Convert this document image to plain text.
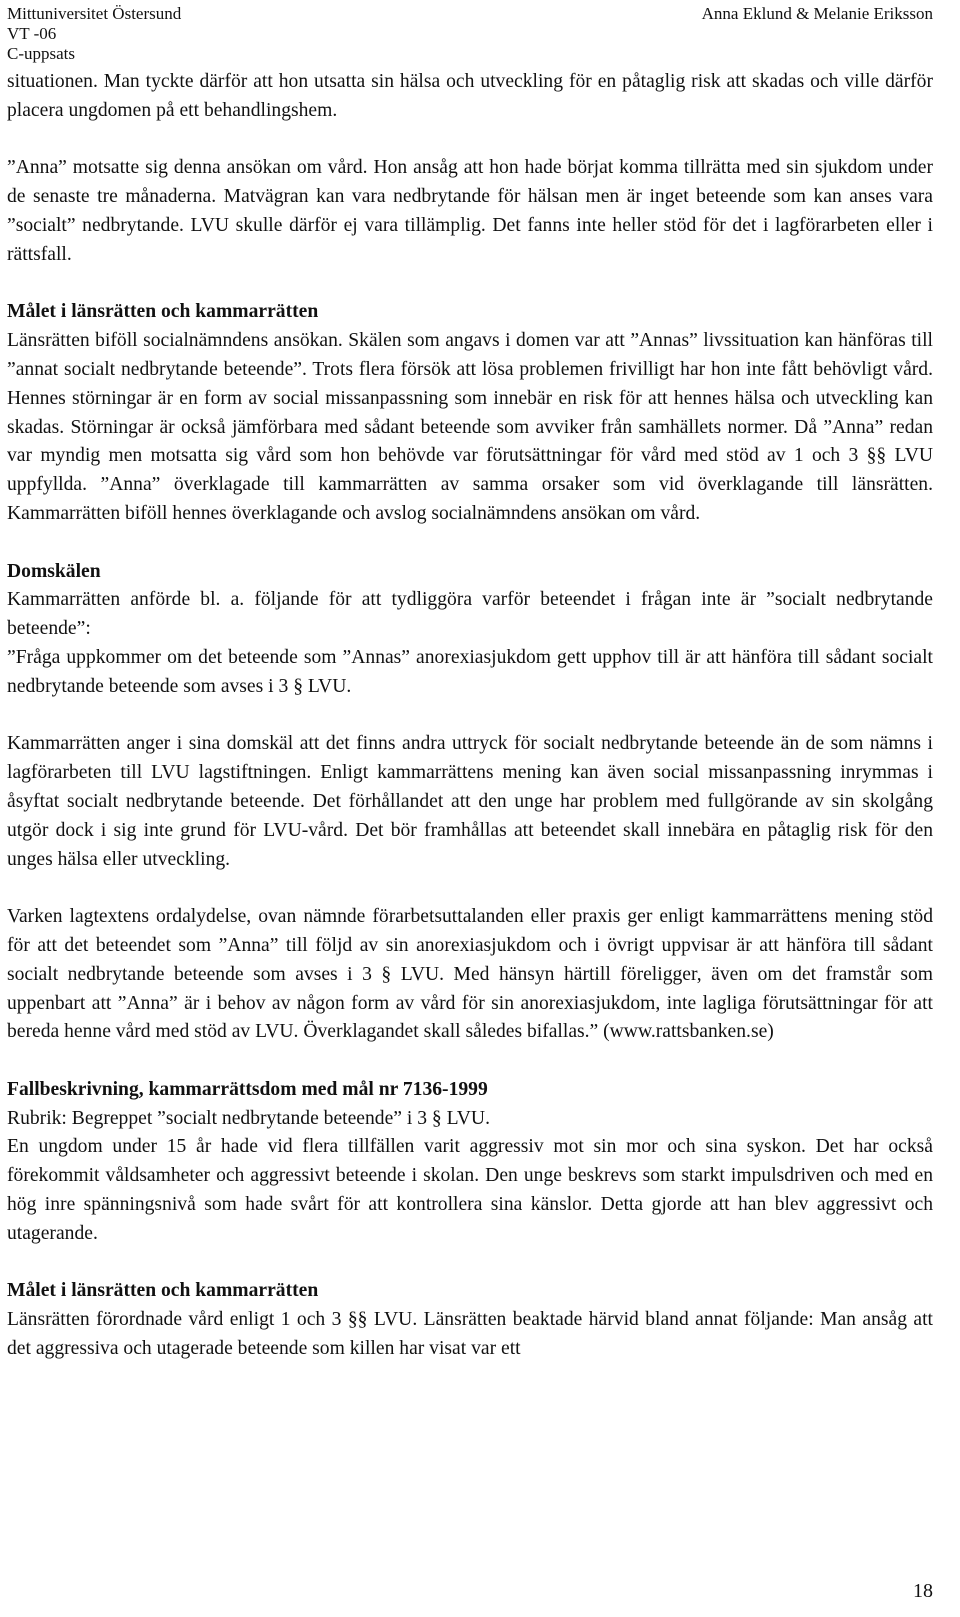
Mittuniversitet Östersund
VT -06
C-uppsats
Anna Eklund & Melanie Eriksson

situationen. Man tyckte därför att hon utsatta sin hälsa och utveckling för en påtaglig risk att skadas och ville därför placera ungdomen på ett behandlingshem.

”Anna” motsatte sig denna ansökan om vård. Hon ansåg att hon hade börjat komma tillrätta med sin sjukdom under de senaste tre månaderna. Matvägran kan vara nedbrytande för hälsan men är inget beteende som kan anses vara ”socialt” nedbrytande. LVU skulle därför ej vara tillämplig. Det fanns inte heller stöd för det i lagförarbeten eller i rättsfall.

Målet i länsrätten och kammarrätten

Länsrätten biföll socialnämndens ansökan. Skälen som angavs i domen var att ”Annas” livssituation kan hänföras till ”annat socialt nedbrytande beteende”. Trots flera försök att lösa problemen frivilligt har hon inte fått behövligt vård. Hennes störningar är en form av social missanpassning som innebär en risk för att hennes hälsa och utveckling kan skadas. Störningar är också jämförbara med sådant beteende som avviker från samhällets normer. Då ”Anna” redan var myndig men motsatta sig vård som hon behövde var förutsättningar för vård med stöd av 1 och 3 §§ LVU uppfyllda. ”Anna” överklagade till kammarrätten av samma orsaker som vid överklagande till länsrätten. Kammarrätten biföll hennes överklagande och avslog socialnämndens ansökan om vård.

Domskälen

Kammarrätten anförde bl. a. följande för att tydliggöra varför beteendet i frågan inte är ”socialt nedbrytande beteende”:

”Fråga uppkommer om det beteende som ”Annas” anorexiasjukdom gett upphov till är att hänföra till sådant socialt nedbrytande beteende som avses i 3 § LVU.

Kammarrätten anger i sina domskäl att det finns andra uttryck för socialt nedbrytande beteende än de som nämns i lagförarbeten till LVU lagstiftningen. Enligt kammarrättens mening kan även social missanpassning inrymmas i åsyftat socialt nedbrytande beteende. Det förhållandet att den unge har problem med fullgörande av sin skolgång utgör dock i sig inte grund för LVU-vård. Det bör framhållas att beteendet skall innebära en påtaglig risk för den unges hälsa eller utveckling.

Varken lagtextens ordalydelse, ovan nämnde förarbetsuttalanden eller praxis ger enligt kammarrättens mening stöd för att det beteendet som ”Anna” till följd av sin anorexiasjukdom och i övrigt uppvisar är att hänföra till sådant socialt nedbrytande beteende som avses i 3 § LVU. Med hänsyn härtill föreligger, även om det framstår som uppenbart att ”Anna” är i behov av någon form av vård för sin anorexiasjukdom, inte lagliga förutsättningar för att bereda henne vård med stöd av LVU. Överklagandet skall således bifallas.” (www.rattsbanken.se)

Fallbeskrivning, kammarrättsdom med mål nr 7136-1999

Rubrik: Begreppet ”socialt nedbrytande beteende” i 3 § LVU.

En ungdom under 15 år hade vid flera tillfällen varit aggressiv mot sin mor och sina syskon. Det har också förekommit våldsamheter och aggressivt beteende i skolan. Den unge beskrevs som starkt impulsdriven och med en hög inre spänningsnivå som hade svårt för att kontrollera sina känslor. Detta gjorde att han blev aggressivt och utagerande.

Målet i länsrätten och kammarrätten

Länsrätten förordnade vård enligt 1 och 3 §§ LVU. Länsrätten beaktade härvid bland annat följande: Man ansåg att det aggressiva och utagerade beteende som killen har visat var ett

18
